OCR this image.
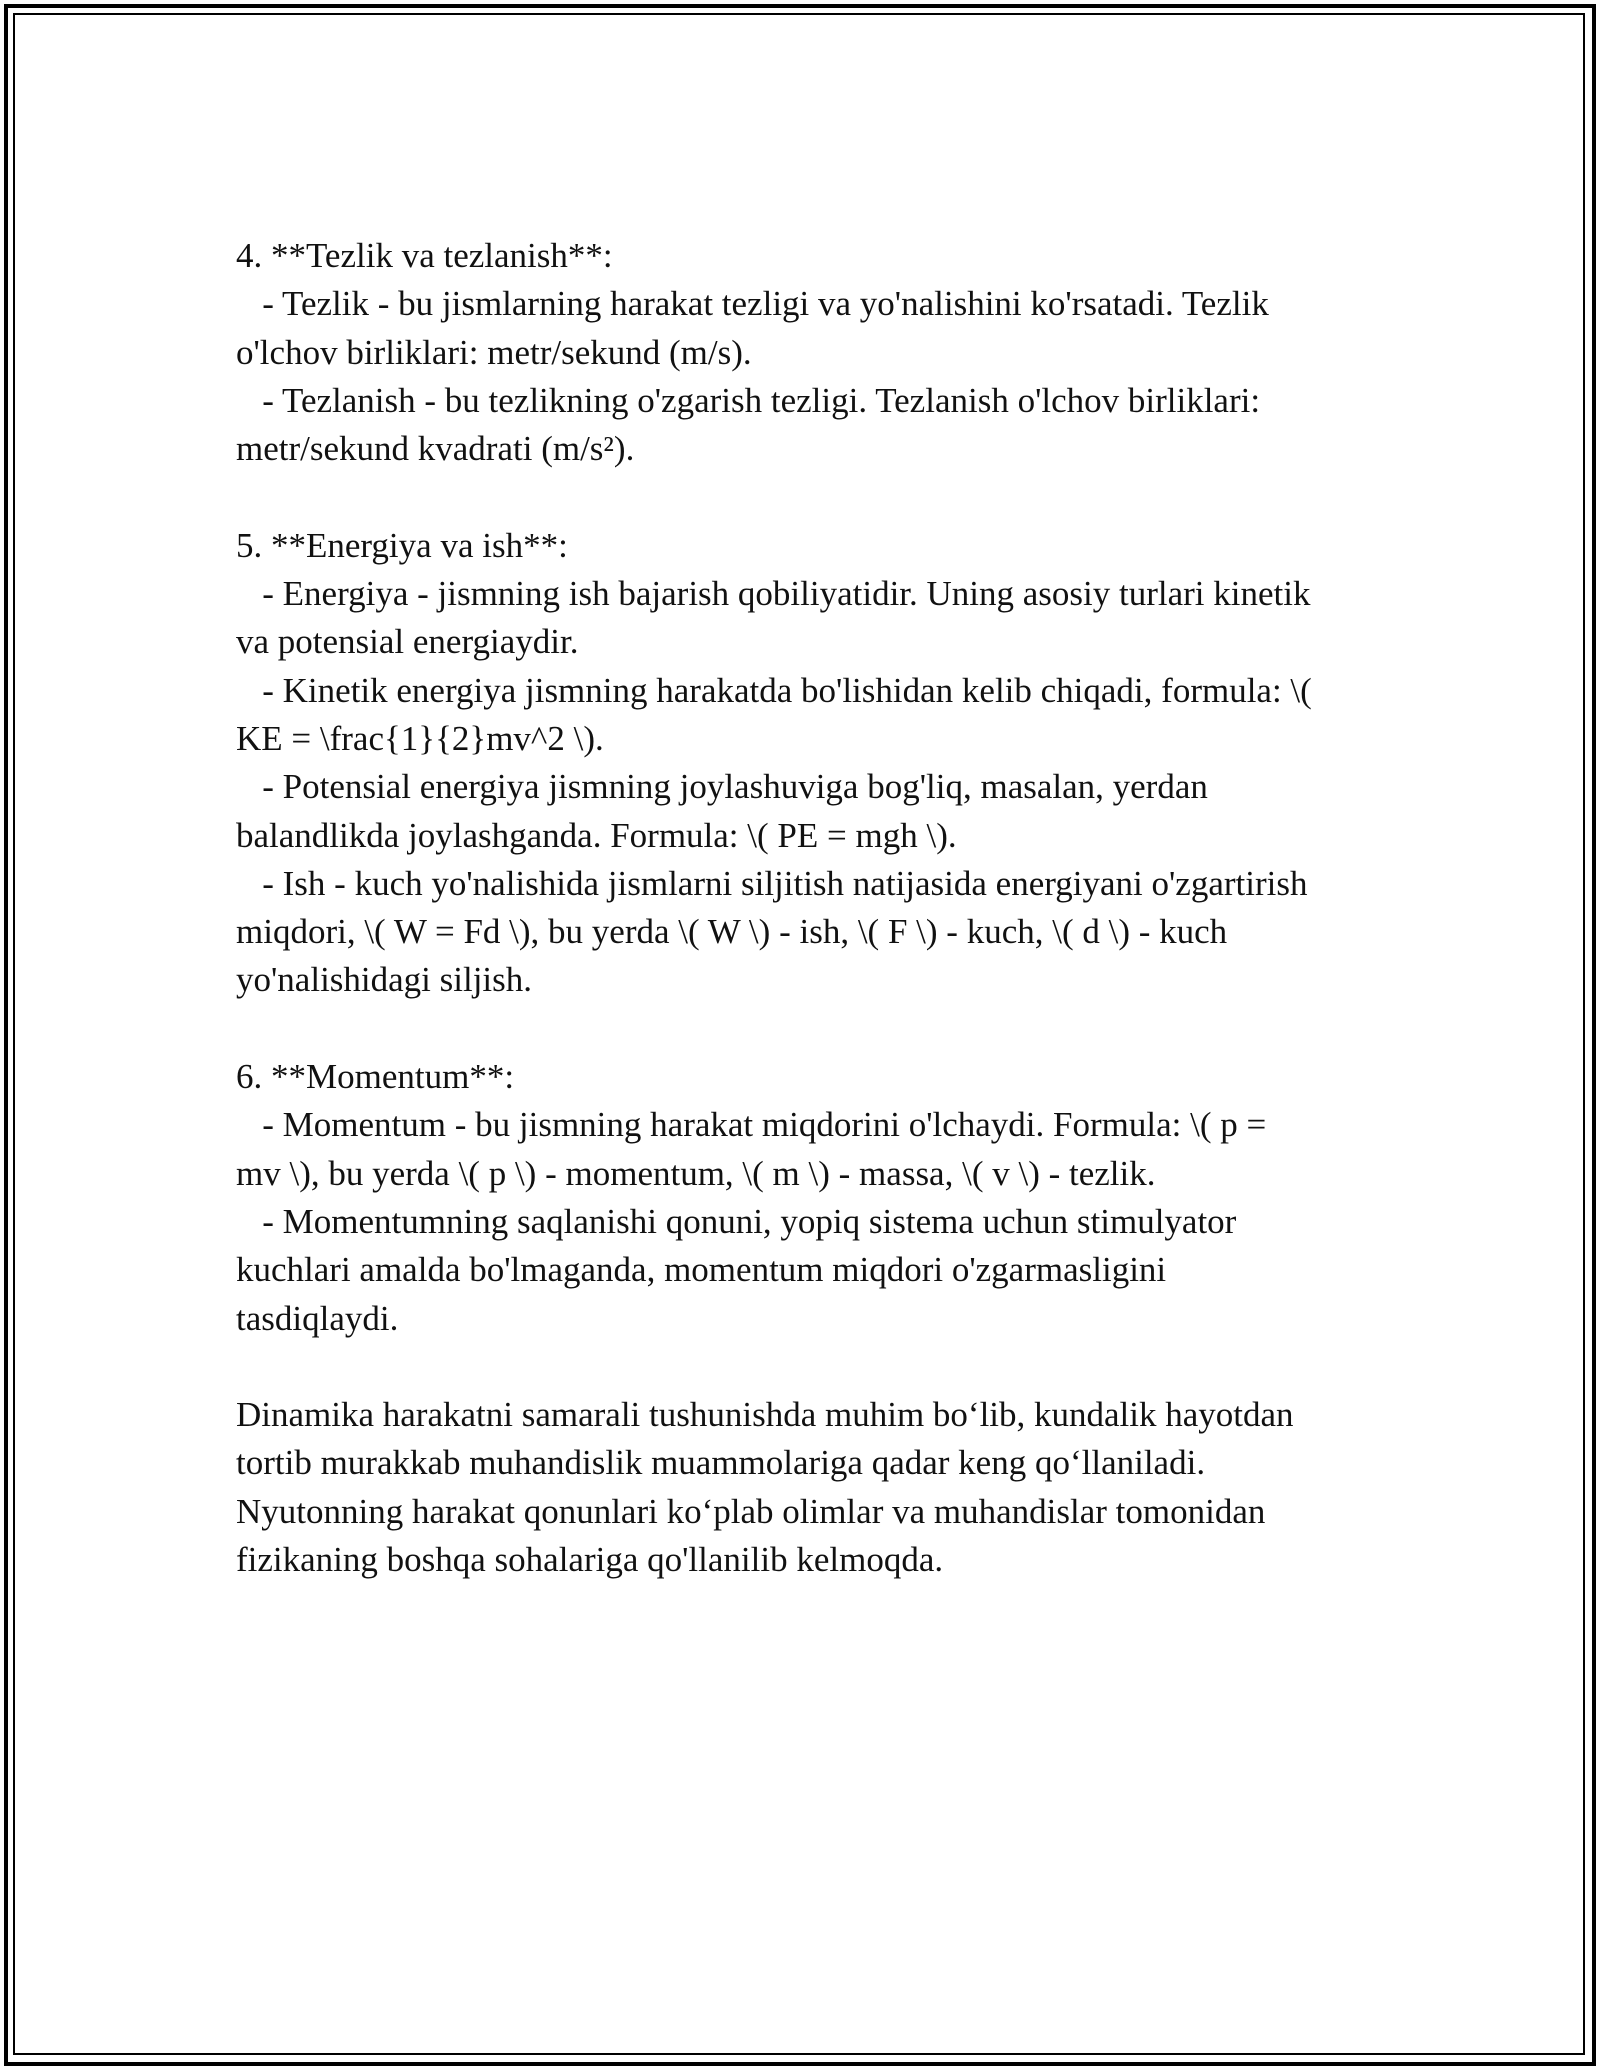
4. **Tezlik va tezlanish**:
- Tezlik - bu jismlarning harakat tezligi va yo'nalishini ko'rsatadi. Tezlik
o'lchov birliklari: metr/sekund (m/s).
- Tezlanish - bu tezlikning o'zgarish tezligi. Tezlanish o'lchov birliklari:
metr/sekund kvadrati (m/s²).
5. **Energiya va ish**:
- Energiya - jismning ish bajarish qobiliyatidir. Uning asosiy turlari kinetik
va potensial energiaydir.
- Kinetik energiya jismning harakatda bo'lishidan kelib chiqadi, formula: \(
KE = \frac{1}{2}mv^2 \).
- Potensial energiya jismning joylashuviga bog'liq, masalan, yerdan
balandlikda joylashganda. Formula: \( PE = mgh \).
- Ish - kuch yo'nalishida jismlarni siljitish natijasida energiyani o'zgartirish
miqdori, \( W = Fd \), bu yerda \( W \) - ish, \( F \) - kuch, \( d \) - kuch
yo'nalishidagi siljish.
6. **Momentum**:
- Momentum - bu jismning harakat miqdorini o'lchaydi. Formula: \( p =
mv \), bu yerda \( p \) - momentum, \( m \) - massa, \( v \) - tezlik.
- Momentumning saqlanishi qonuni, yopiq sistema uchun stimulyator
kuchlari amalda bo'lmaganda, momentum miqdori o'zgarmasligini
tasdiqlaydi.
Dinamika harakatni samarali tushunishda muhim bo‘lib, kundalik hayotdan
tortib murakkab muhandislik muammolariga qadar keng qo‘llaniladi.
Nyutonning harakat qonunlari ko‘plab olimlar va muhandislar tomonidan
fizikaning boshqa sohalariga qo'llanilib kelmoqda.
